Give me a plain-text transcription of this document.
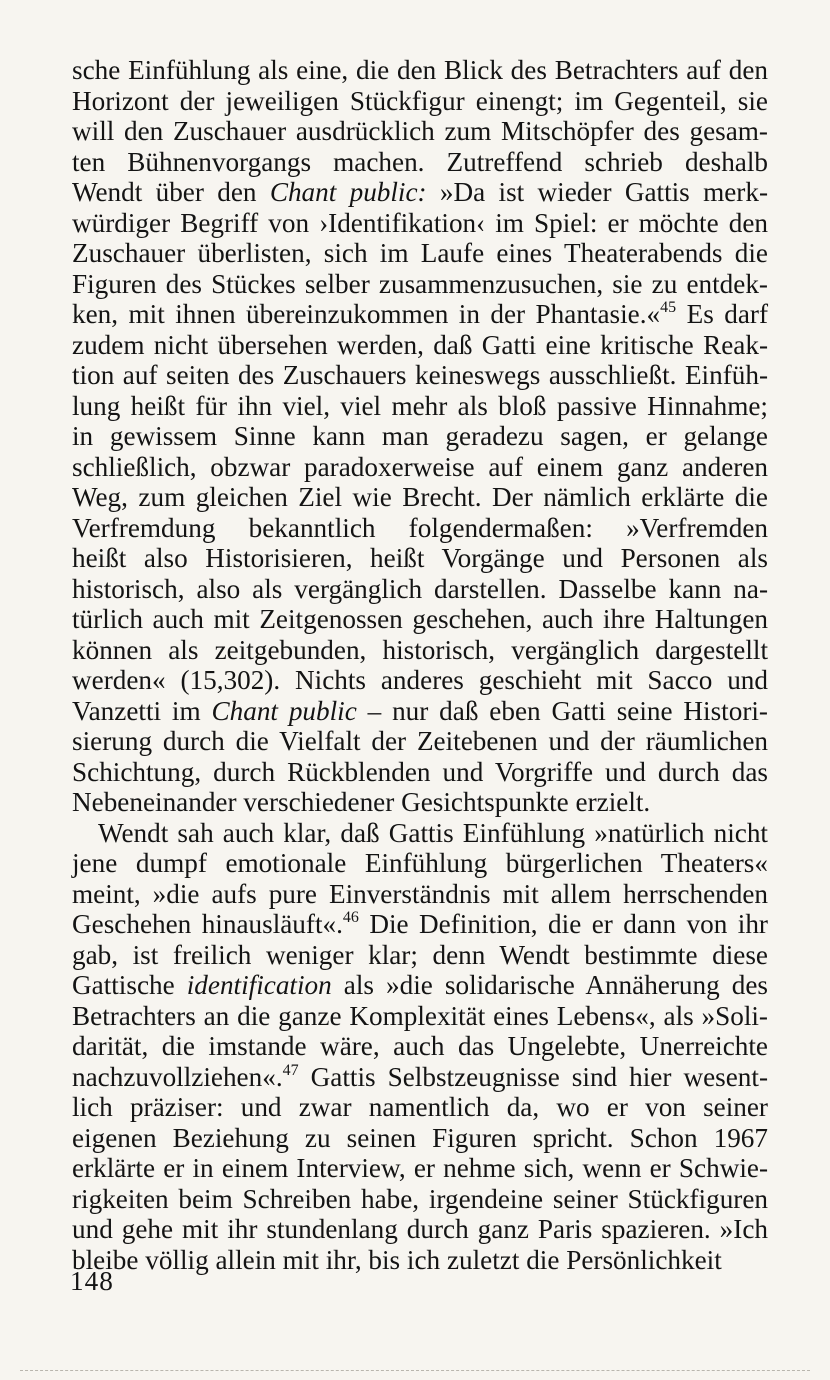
sche Einfühlung als eine, die den Blick des Betrachters auf den
Horizont der jeweiligen Stückfigur einengt; im Gegenteil, sie
will den Zuschauer ausdrücklich zum Mitschöpfer des gesam-
ten Bühnenvorgangs machen. Zutreffend schrieb deshalb
Wendt über den Chant public: »Da ist wieder Gattis merk-
würdiger Begriff von ›Identifikation‹ im Spiel: er möchte den
Zuschauer überlisten, sich im Laufe eines Theaterabends die
Figuren des Stückes selber zusammenzusuchen, sie zu entdek-
ken, mit ihnen übereinzukommen in der Phantasie.«$^{45}$ Es darf
zudem nicht übersehen werden, daß Gatti eine kritische Reak-
tion auf seiten des Zuschauers keineswegs ausschließt. Einfüh-
lung heißt für ihn viel, viel mehr als bloß passive Hinnahme;
in gewissem Sinne kann man geradezu sagen, er gelange
schließlich, obzwar paradoxerweise auf einem ganz anderen
Weg, zum gleichen Ziel wie Brecht. Der nämlich erklärte die
Verfremdung bekanntlich folgendermaßen: »Verfremden
heißt also Historisieren, heißt Vorgänge und Personen als
historisch, also als vergänglich darstellen. Dasselbe kann na-
türlich auch mit Zeitgenossen geschehen, auch ihre Haltungen
können als zeitgebunden, historisch, vergänglich dargestellt
werden« (15,302). Nichts anderes geschieht mit Sacco und
Vanzetti im Chant public – nur daß eben Gatti seine Histori-
sierung durch die Vielfalt der Zeitebenen und der räumlichen
Schichtung, durch Rückblenden und Vorgriffe und durch das
Nebeneinander verschiedener Gesichtspunkte erzielt.
Wendt sah auch klar, daß Gattis Einfühlung »natürlich nicht
jene dumpf emotionale Einfühlung bürgerlichen Theaters«
meint, »die aufs pure Einverständnis mit allem herrschenden
Geschehen hinausläuft«.$^{46}$ Die Definition, die er dann von ihr
gab, ist freilich weniger klar; denn Wendt bestimmte diese
Gattische identification als »die solidarische Annäherung des
Betrachters an die ganze Komplexität eines Lebens«, als »Soli-
darität, die imstande wäre, auch das Ungelebte, Unerreichte
nachzuvollziehen«.$^{47}$ Gattis Selbstzeugnisse sind hier wesent-
lich präziser: und zwar namentlich da, wo er von seiner
eigenen Beziehung zu seinen Figuren spricht. Schon 1967
erklärte er in einem Interview, er nehme sich, wenn er Schwie-
rigkeiten beim Schreiben habe, irgendeine seiner Stückfiguren
und gehe mit ihr stundenlang durch ganz Paris spazieren. »Ich
bleibe völlig allein mit ihr, bis ich zuletzt die Persönlichkeit
148
